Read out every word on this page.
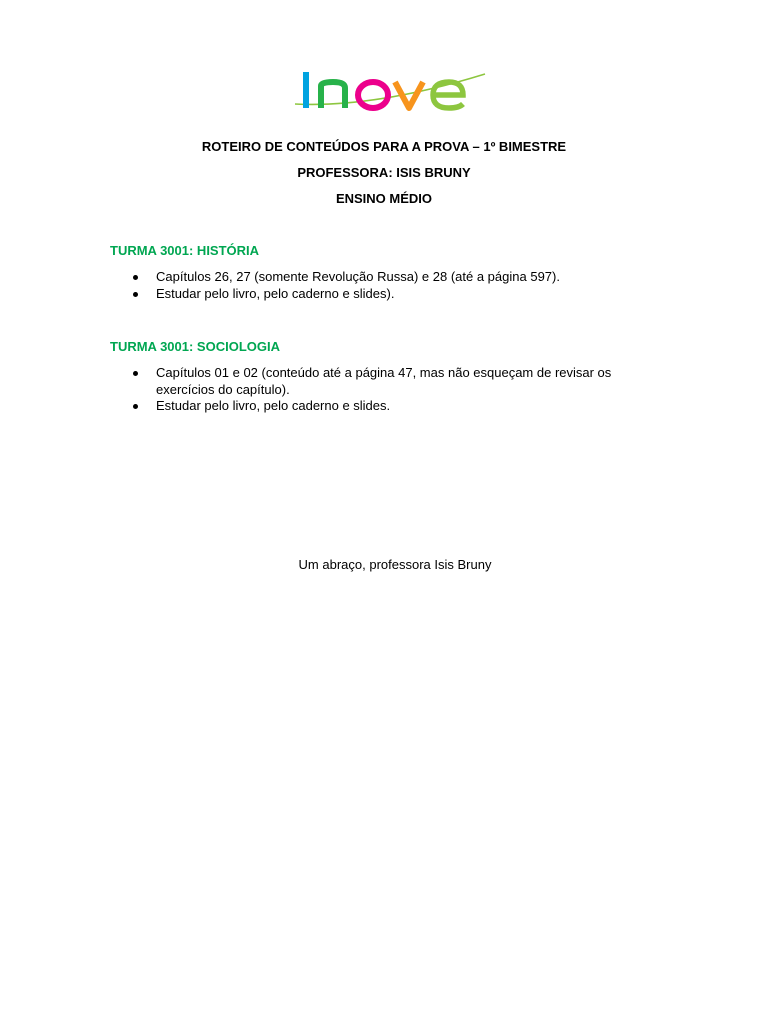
ROTEIRO DE CONTEÚDOS PARA A PROVA – 1º BIMESTRE
PROFESSORA: ISIS BRUNY
ENSINO MÉDIO
TURMA 3001: HISTÓRIA
Capítulos 26, 27 (somente Revolução Russa) e 28 (até a página 597).
Estudar pelo livro, pelo caderno e slides).
TURMA 3001: SOCIOLOGIA
Capítulos 01 e 02 (conteúdo até a página 47, mas não esqueçam de revisar os exercícios do capítulo).
Estudar pelo livro, pelo caderno e slides.
Um abraço, professora Isis Bruny
